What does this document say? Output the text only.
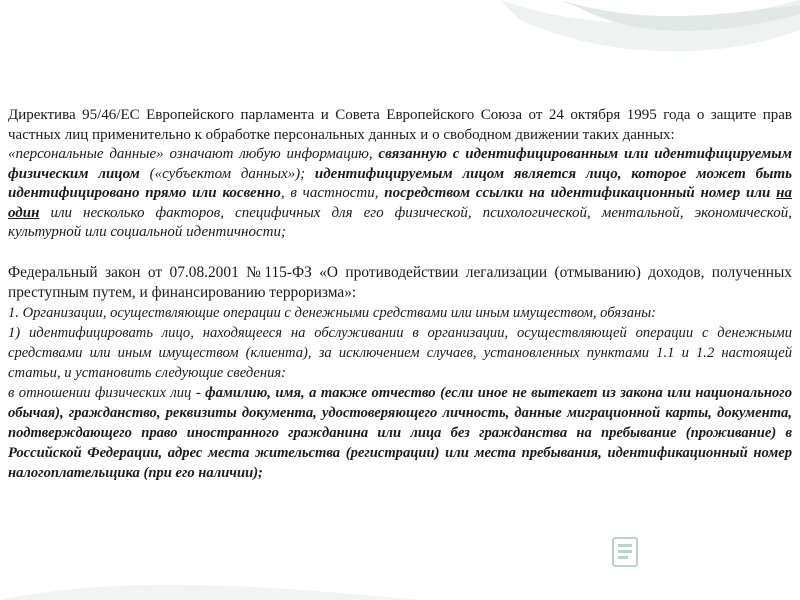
Директива 95/46/ЕС Европейского парламента и Совета Европейского Союза от 24 октября 1995 года о защите прав частных лиц применительно к обработке персональных данных и о свободном движении таких данных:

«персональные данные» означают любую информацию, связанную с идентифицированным или идентифицируемым физическим лицом («субъектом данных»); идентифицируемым лицом является лицо, которое может быть идентифицировано прямо или косвенно, в частности, посредством ссылки на идентификационный номер или на один или несколько факторов, специфичных для его физической, психологической, ментальной, экономической, культурной или социальной идентичности;

Федеральный закон от 07.08.2001 №115-ФЗ «О противодействии легализации (отмыванию) доходов, полученных преступным путем, и финансированию терроризма»:

1. Организации, осуществляющие операции с денежными средствами или иным имуществом, обязаны:

1) идентифицировать лицо, находящееся на обслуживании в организации, осуществляющей операции с денежными средствами или иным имуществом (клиента), за исключением случаев, установленных пунктами 1.1 и 1.2 настоящей статьи, и установить следующие сведения:

в отношении физических лиц - фамилию, имя, а также отчество (если иное не вытекает из закона или национального обычая), гражданство, реквизиты документа, удостоверяющего личность, данные миграционной карты, документа, подтверждающего право иностранного гражданина или лица без гражданства на пребывание (проживание) в Российской Федерации, адрес места жительства (регистрации) или места пребывания, идентификационный номер налогоплательщика (при его наличии);
